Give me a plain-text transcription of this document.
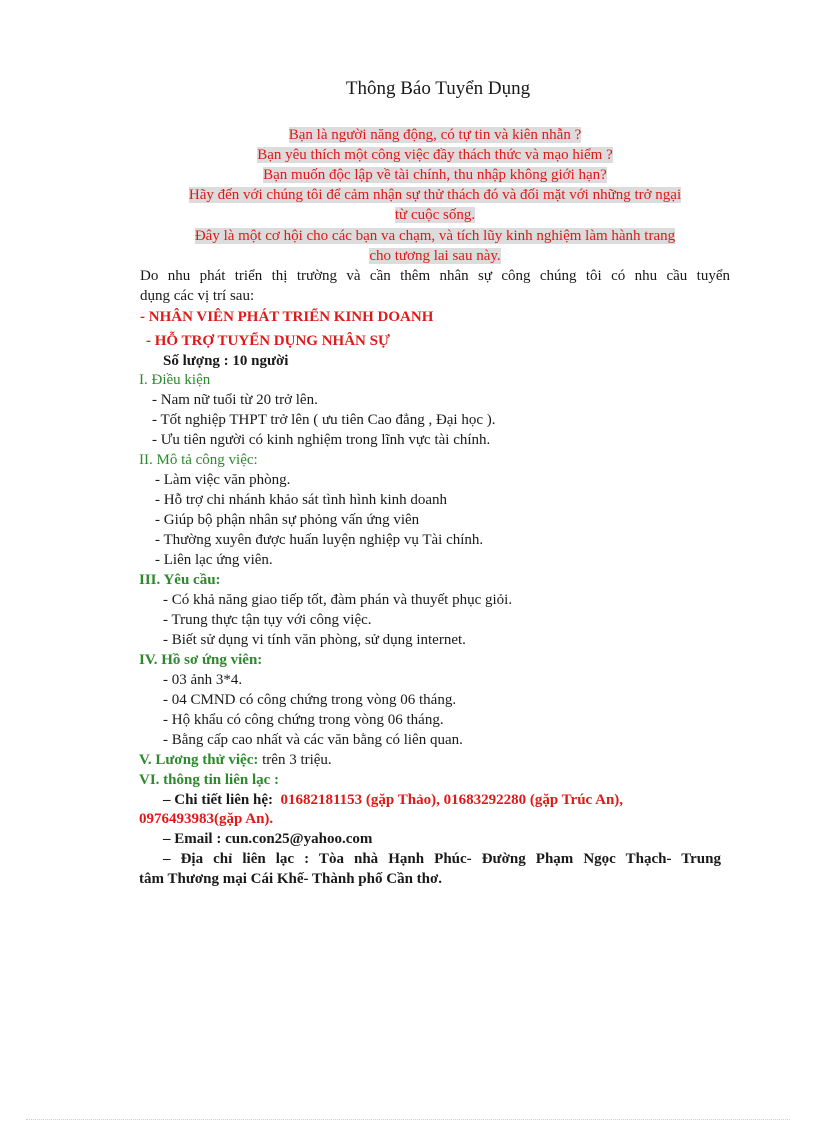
Thông Báo Tuyển Dụng
Bạn là người năng động, có tự tin và kiên nhẫn ?
Bạn yêu thích một công việc đầy thách thức và mạo hiểm ?
Bạn muốn độc lập về tài chính, thu nhập không giới hạn?
Hãy đến với chúng tôi để cảm nhận sự thử thách đó và đối mặt với những trở ngại
từ cuộc sống.
Đây là một cơ hội cho các bạn va chạm, và tích lũy kinh nghiệm làm hành trang
cho tương lai sau này.
Do nhu phát triển thị trường và cần thêm nhân sự công chúng tôi có nhu cầu tuyển
dụng các vị trí sau:
- NHÂN VIÊN PHÁT TRIỂN KINH DOANH
- HỖ TRỢ TUYỂN DỤNG NHÂN SỰ
Số lượng : 10 người
I. Điều kiện
- Nam nữ tuổi từ 20 trở lên.
- Tốt nghiệp THPT trở lên ( ưu tiên Cao đẳng , Đại học ).
- Ưu tiên người có kinh nghiệm trong lĩnh vực tài chính.
II. Mô tả công việc:
- Làm việc văn phòng.
- Hỗ trợ chi nhánh khảo sát tình hình kinh doanh
- Giúp bộ phận nhân sự phỏng vấn ứng viên
- Thường xuyên được huấn luyện nghiệp vụ Tài chính.
- Liên lạc ứng viên.
III. Yêu cầu:
- Có khả năng giao tiếp tốt, đàm phán và thuyết phục giỏi.
- Trung thực tận tụy với công việc.
- Biết sử dụng vi tính văn phòng, sử dụng internet.
IV. Hồ sơ ứng viên:
- 03 ảnh 3*4.
- 04 CMND có công chứng trong vòng 06 tháng.
- Hộ khẩu có công chứng trong vòng 06 tháng.
- Bằng cấp cao nhất và các văn bằng có liên quan.
V. Lương thử việc: trên 3 triệu.
VI. thông tin liên lạc :
– Chi tiết liên hệ: 01682181153 (gặp Thảo), 01683292280 (gặp Trúc An),
0976493983(gặp An).
– Email : cun.con25@yahoo.com
– Địa chỉ liên lạc : Tòa nhà Hạnh Phúc- Đường Phạm Ngọc Thạch- Trung
tâm Thương mại Cái Khế- Thành phố Cần thơ.
